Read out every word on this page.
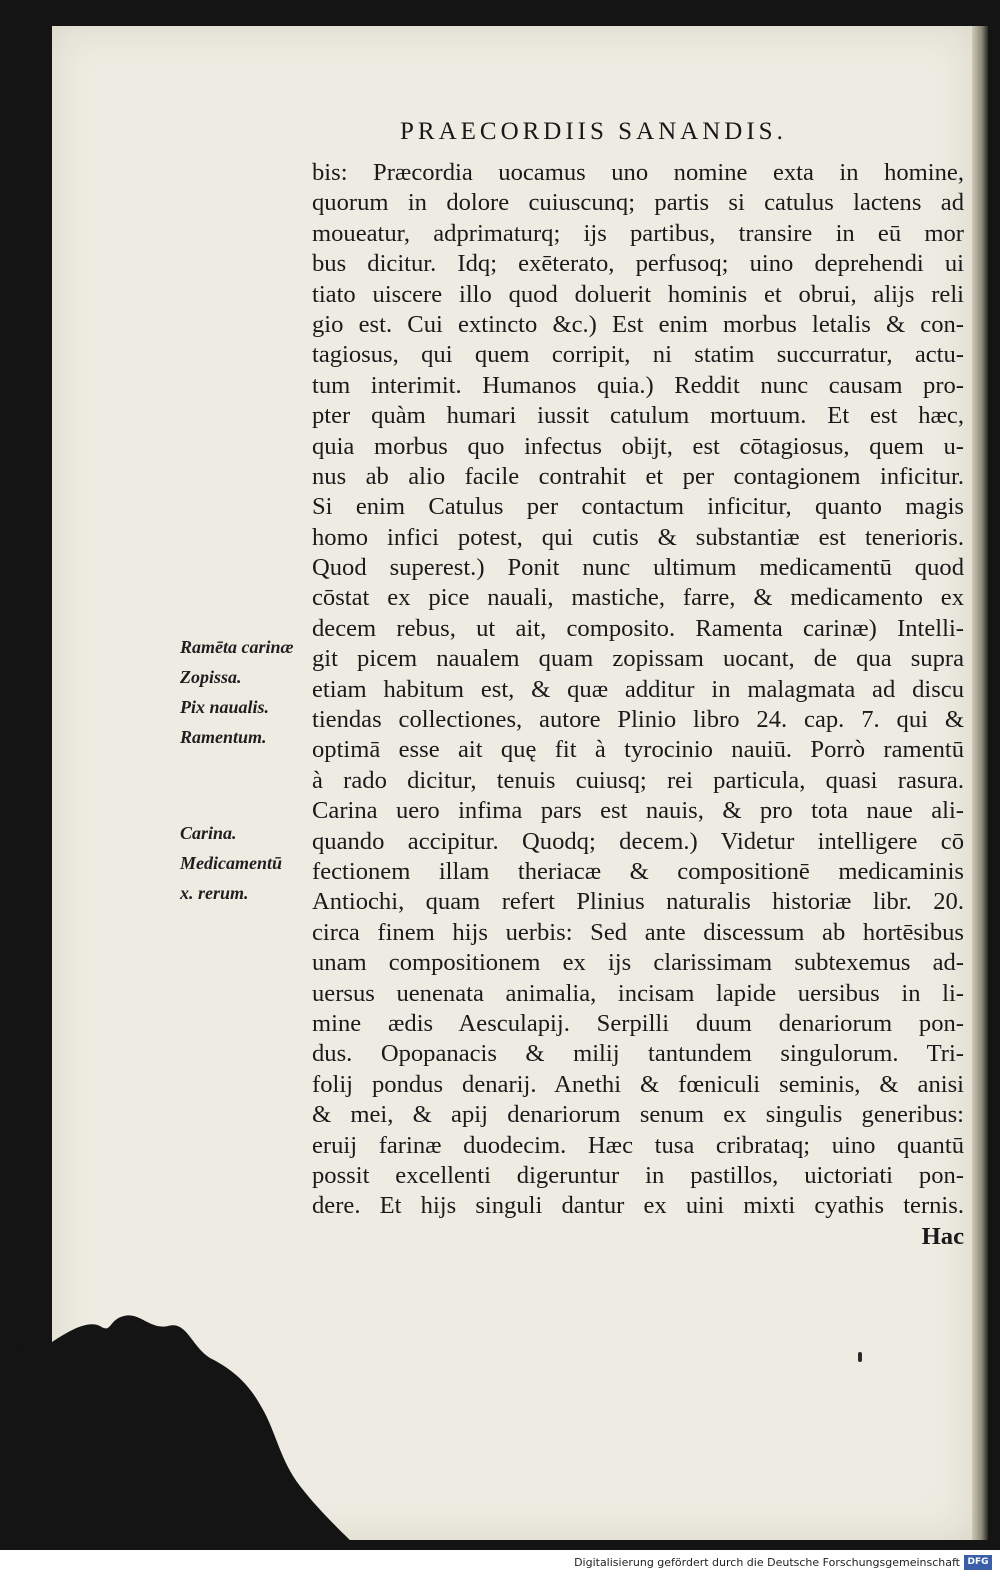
PRAECORDIIS SANANDIS.
bis: Præcordia uocamus uno nomine exta in homine,
quorum in dolore cuiuscunq; partis si catulus lactens ad
moueatur, adprimaturq; ijs partibus, transire in eū mor
bus dicitur. Idq; exēterato, perfusoq; uino deprehendi ui
tiato uiscere illo quod doluerit hominis et obrui, alijs reli
gio est. Cui extincto &c.) Est enim morbus letalis & con-
tagiosus, qui quem corripit, ni statim succurratur, actu-
tum interimit. Humanos quia.) Reddit nunc causam pro-
pter quàm humari iussit catulum mortuum. Et est hæc,
quia morbus quo infectus obijt, est cōtagiosus, quem u-
nus ab alio facile contrahit et per contagionem inficitur.
Si enim Catulus per contactum inficitur, quanto magis
homo infici potest, qui cutis & substantiæ est tenerioris.
Quod superest.) Ponit nunc ultimum medicamentū quod
cōstat ex pice nauali, mastiche, farre, & medicamento ex
decem rebus, ut ait, composito. Ramenta carinæ) Intelli-
git picem naualem quam zopissam uocant, de qua supra
etiam habitum est, & quæ additur in malagmata ad discu
tiendas collectiones, autore Plinio libro 24. cap. 7. qui &
optimā esse ait quę fit à tyrocinio nauiū. Porrò ramentū
à rado dicitur, tenuis cuiusq; rei particula, quasi rasura.
Carina uero infima pars est nauis, & pro tota naue ali-
quando accipitur. Quodq; decem.) Videtur intelligere cō
fectionem illam theriacæ & compositionē medicaminis
Antiochi, quam refert Plinius naturalis historiæ libr. 20.
circa finem hijs uerbis: Sed ante discessum ab hortēsibus
unam compositionem ex ijs clarissimam subtexemus ad-
uersus uenenata animalia, incisam lapide uersibus in li-
mine ædis Aesculapij. Serpilli duum denariorum pon-
dus. Opopanacis & milij tantundem singulorum. Tri-
folij pondus denarij. Anethi & fœniculi seminis, & anisi
& mei, & apij denariorum senum ex singulis generibus:
eruij farinæ duodecim. Hæc tusa cribrataq; uino quantū
possit excellenti digeruntur in pastillos, uictoriati pon-
dere. Et hijs singuli dantur ex uini mixti cyathis ternis.
Hac
Ramēta carinæ
Zopissa.
Pix naualis.
Ramentum.
Carina.
Medicamentū
x. rerum.
Digitalisierung gefördert durch die Deutsche Forschungsgemeinschaft DFG
